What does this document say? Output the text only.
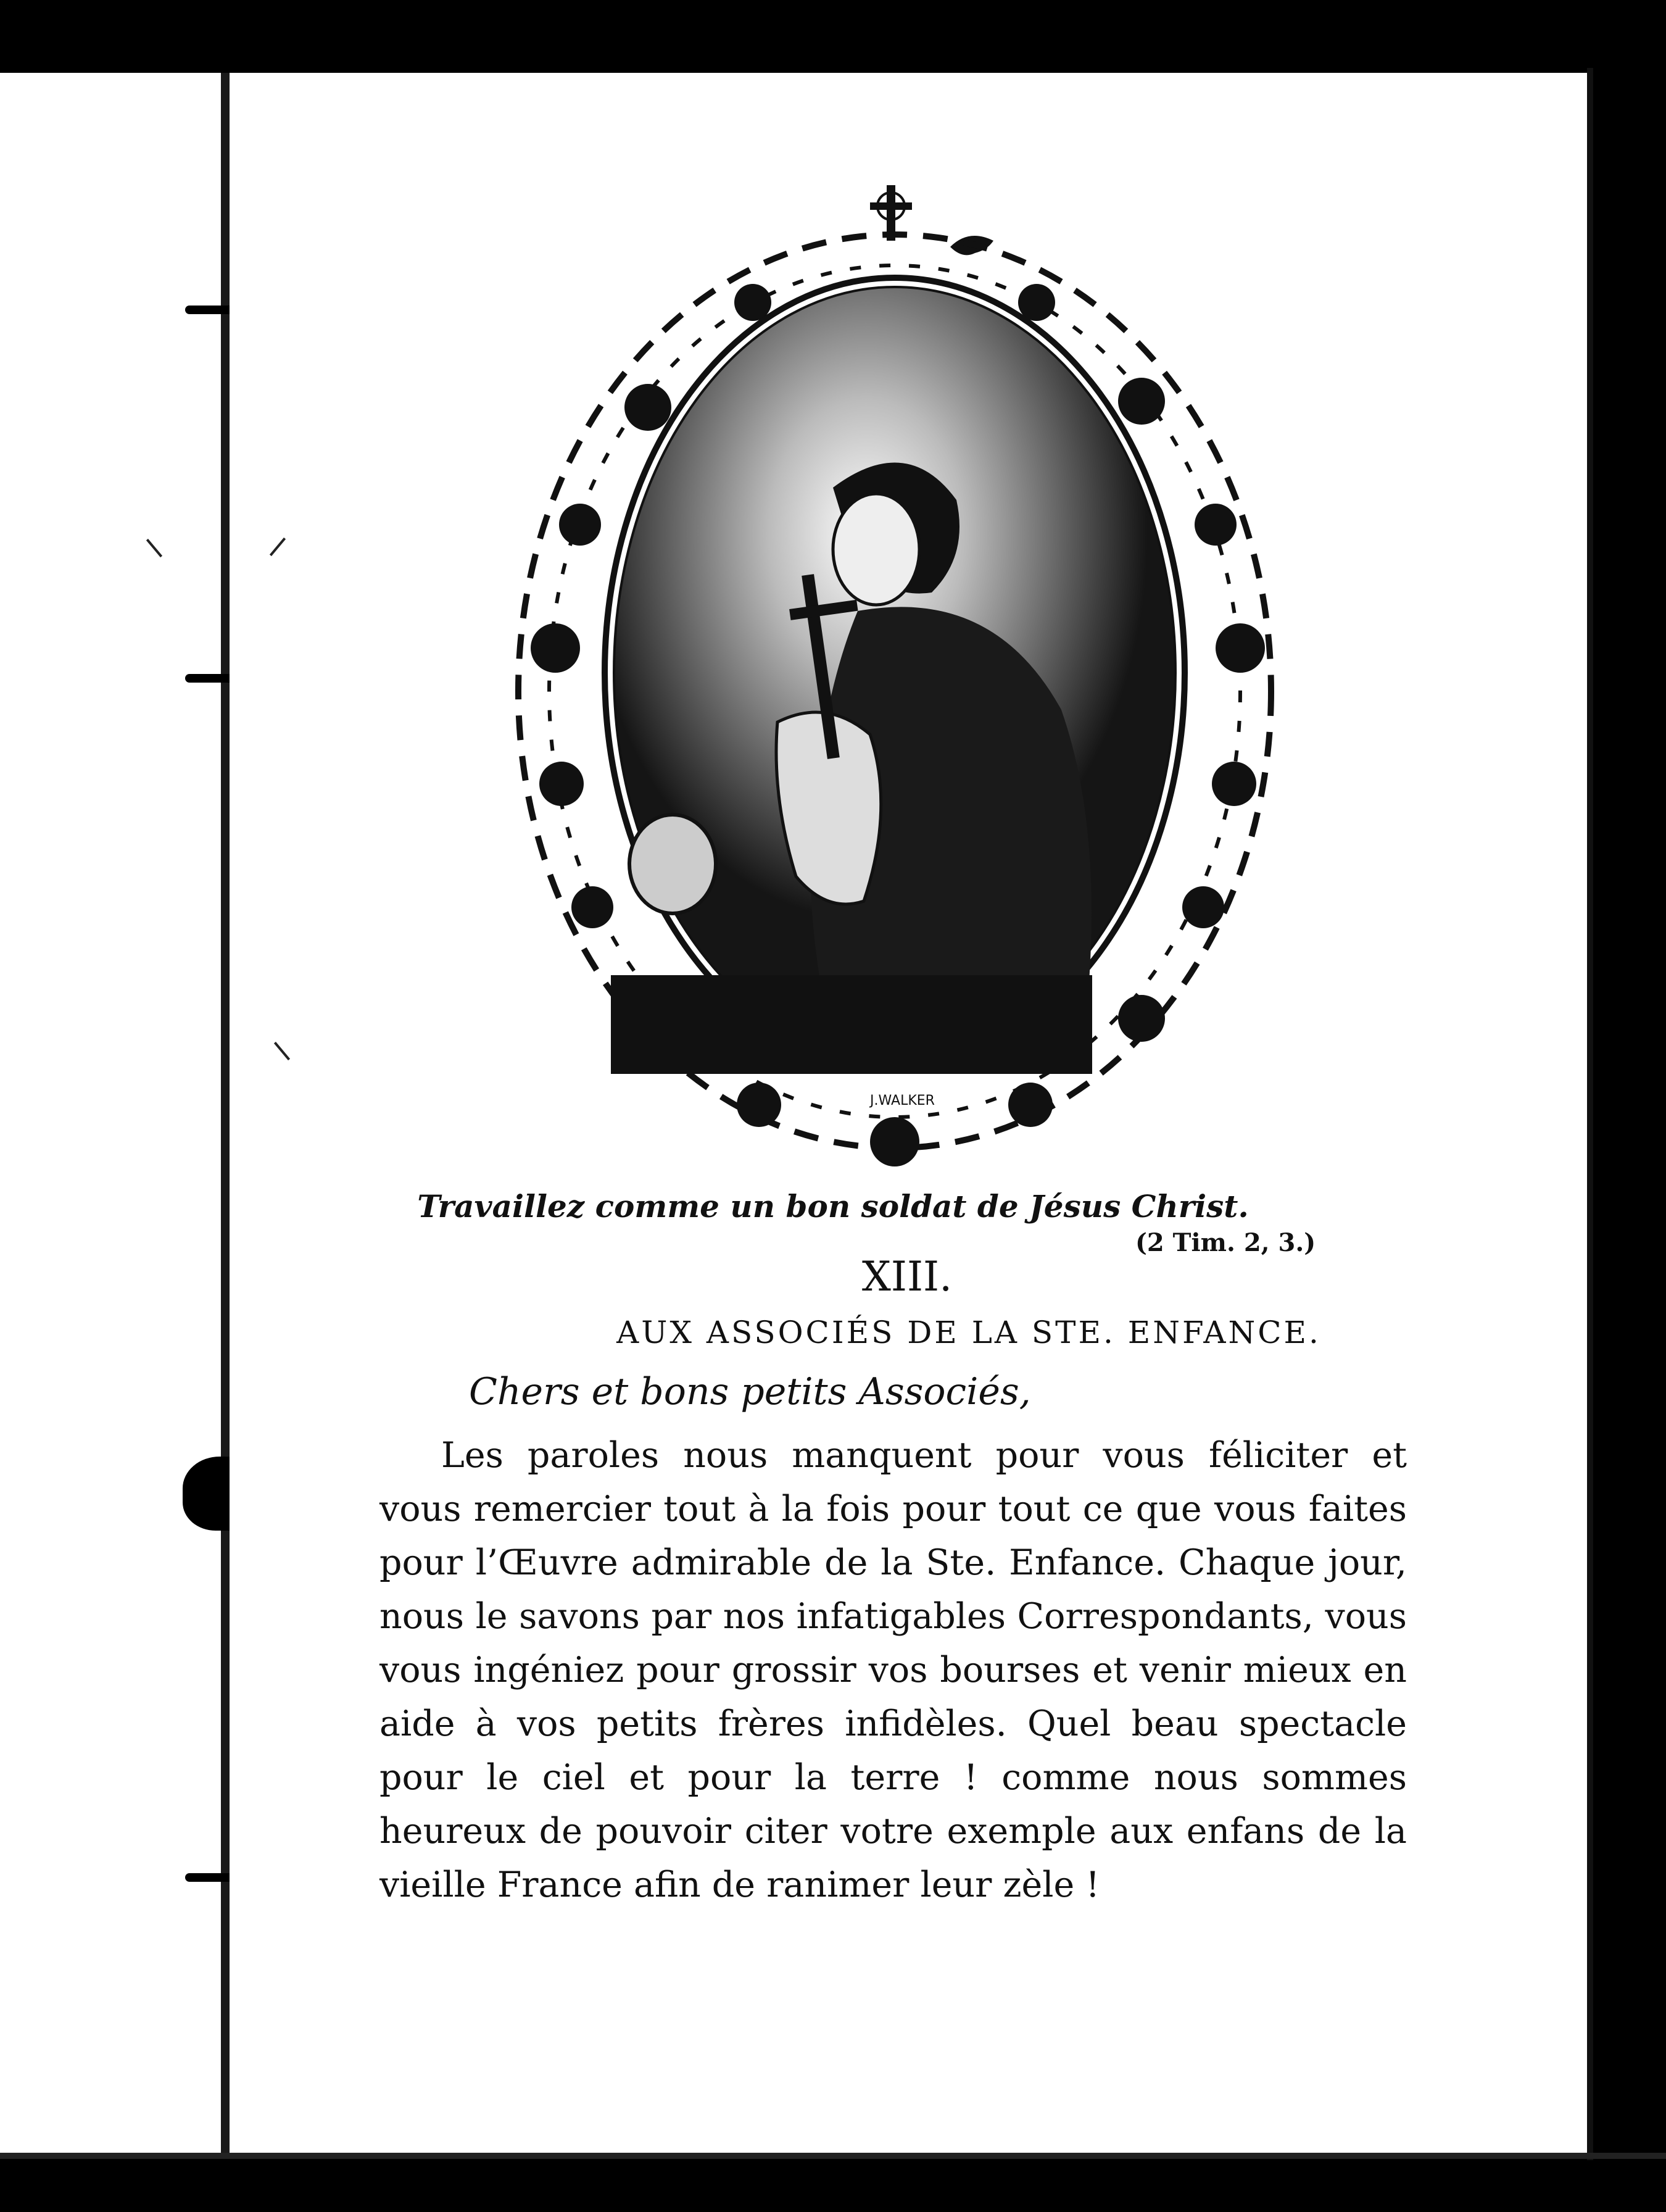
J.WALKER
Travaillez comme un bon soldat de Jésus Christ.
(2 Tim. 2, 3.)
XIII.
AUX ASSOCIÉS DE LA STE. ENFANCE.
Chers et bons petits Associés,
Les paroles nous manquent pour vous féliciter et vous remercier tout à la fois pour tout ce que vous faites pour l’Œuvre admirable de la Ste. Enfance. Chaque jour, nous le savons par nos infatigables Correspondants, vous vous ingéniez pour grossir vos bourses et venir mieux en aide à vos petits frères infidèles. Quel beau spectacle pour le ciel et pour la terre ! comme nous sommes heureux de pouvoir citer votre exemple aux enfans de la vieille France afin de ranimer leur zèle !
